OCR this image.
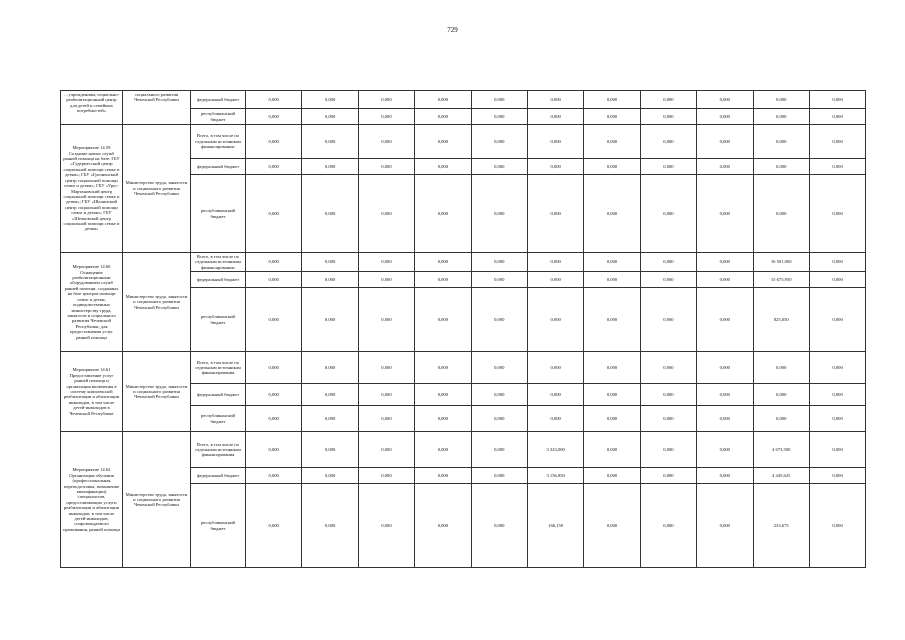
729
…учреждениям, социально-реабилитационный центр для детей и семейных потребностей»	социального развития Чеченской Республики	федеральный бюджет	0,000	0,000	0,000	0,000	0,000	0,000	0,000	0,000	0,000	0,000	0,000
		республиканский бюджет	0,000	0,000	0,000	0,000	0,000	0,000	0,000	0,000	0,000	0,000	0,000
Мероприятие 14.59 Создание новых служб ранней помощи на базе: ГБУ «Гудермесский центр социальной помощи семье и детям»; ГБУ «Грозненский центр социальной помощи семье и детям»; ГБУ «Урус-Мартановский центр социальной помощи семье и детям»; ГБУ «Шалинский центр социальной помощи семье и детям»; ГБУ «Шелковской центр социальной помощи семье и детям»	Министерство труда, занятости и социального развития Чеченской Республики	Всего, в том числе по отдельным источникам финансирования:	0,000	0,000	0,000	0,000	0,000	0,000	0,000	0,000	0,000	0,000	0,000
		федеральный бюджет	0,000	0,000	0,000	0,000	0,000	0,000	0,000	0,000	0,000	0,000	0,000
		республиканский бюджет	0,000	0,000	0,000	0,000	0,000	0,000	0,000	0,000	0,000	0,000	0,000
Мероприятие 14.60 Оснащение реабилитационным оборудованием служб ранней помощи, созданных на базе центров помощи семье и детям, подведомственных министерству труда, занятости и социального развития Чеченской Республики, для предоставления услуг ранней помощи	Министерство труда, занятости и социального развития Чеченской Республики	Всего, в том числе по отдельным источникам финансирования:	0,000	0,000	0,000	0,000	0,000	0,000	0,000	0,000	0,000	16 501,000	0,000
		федеральный бюджет	0,000	0,000	0,000	0,000	0,000	0,000	0,000	0,000	0,000	15 675,950	0,000
		республиканский бюджет	0,000	0,000	0,000	0,000	0,000	0,000	0,000	0,000	0,000	825,050	0,000
Мероприятие 14.61 Предоставление услуг ранней помощи и организация включения в систему комплексной реабилитации и абилитации инвалидов, в том числе детей-инвалидов в Чеченской Республике	Министерство труда, занятости и социального развития Чеченской Республики	Всего, в том числе по отдельным источникам финансирования	0,000	0,000	0,000	0,000	0,000	0,000	0,000	0,000	0,000	0,000	0,000
		федеральный бюджет	0,000	0,000	0,000	0,000	0,000	0,000	0,000	0,000	0,000	0,000	0,000
		республиканский бюджет	0,000	0,000	0,000	0,000	0,000	0,000	0,000	0,000	0,000	0,000	0,000
Мероприятие 14.62 Организация обучения (профессиональная переподготовка, повышение квалификации) специалистов, предоставляющих услуги реабилитации и абилитации инвалидов, в том числе детей-инвалидов, сопровождаемого проживания, ранней помощи	Министерство труда, занятости и социального развития Чеченской Республики	Всего, в том числе по отдельным источникам финансирования	0,000	0,000	0,000	0,000	0,000	3 323,000	0,000	0,000	0,000	4 673,500	0,000
		федеральный бюджет	0,000	0,000	0,000	0,000	0,000	3 156,850	0,000	0,000	0,000	4 445,625	0,000
		республиканский бюджет	0,000	0,000	0,000	0,000	0,000	166,150	0,000	0,000	0,000	233,675	0,000
